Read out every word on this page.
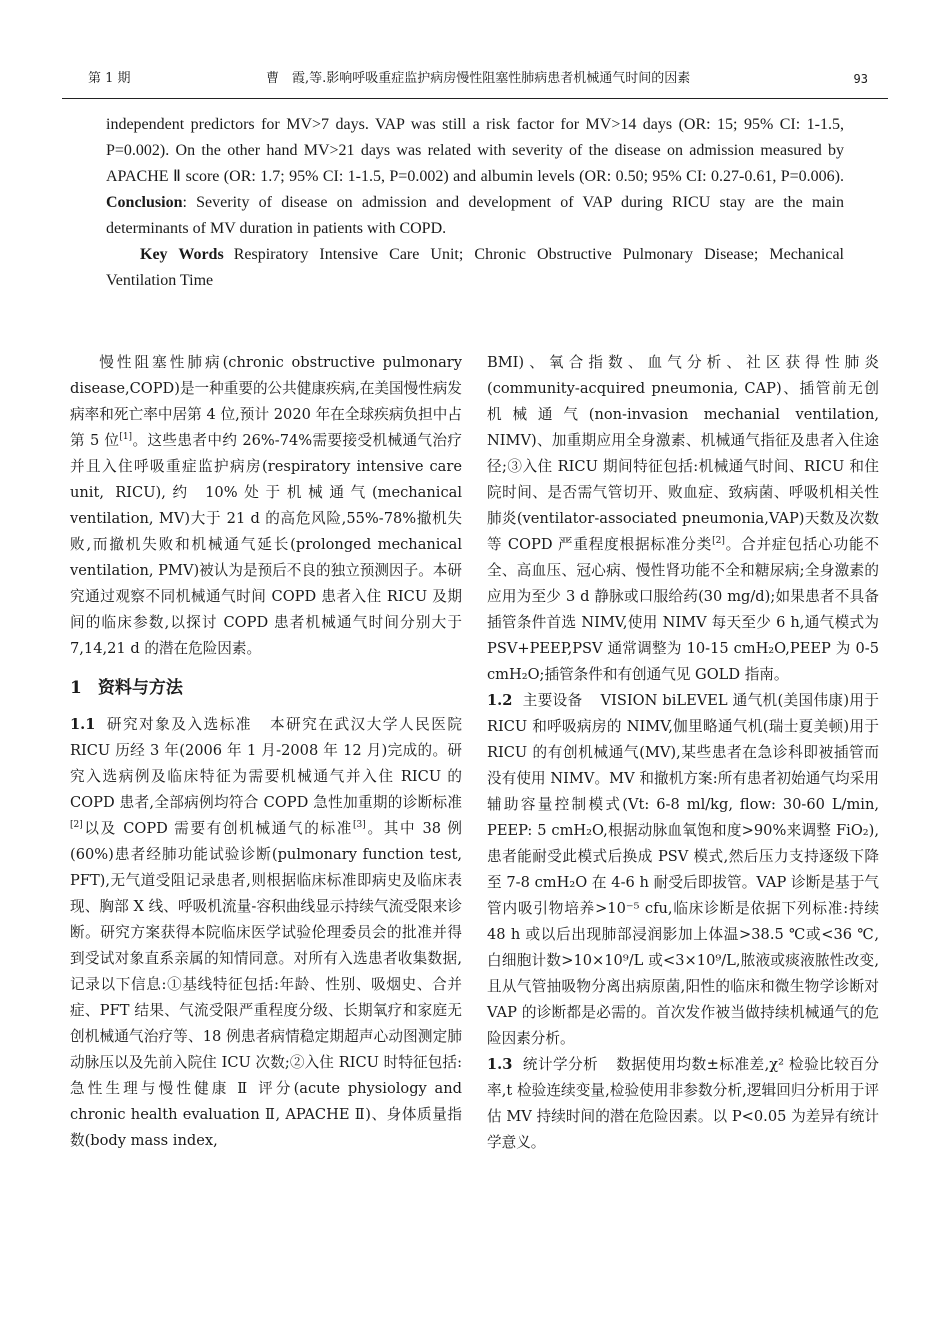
第 1 期	曹　霞,等.影响呼吸重症监护病房慢性阻塞性肺病患者机械通气时间的因素	93

independent predictors for MV>7 days. VAP was still a risk factor for MV>14 days (OR: 15; 95% CI: 1-1.5, P=0.002). On the other hand MV>21 days was related with severity of the disease on admission measured by APACHE Ⅱ score (OR: 1.7; 95% CI: 1-1.5, P=0.002) and albumin levels (OR: 0.50; 95% CI: 0.27-0.61, P=0.006). Conclusion: Severity of disease on admission and development of VAP during RICU stay are the main determinants of MV duration in patients with COPD.

Key Words Respiratory Intensive Care Unit; Chronic Obstructive Pulmonary Disease; Mechanical Ventilation Time

慢性阻塞性肺病(chronic obstructive pulmonary disease,COPD)是一种重要的公共健康疾病,在美国慢性病发病率和死亡率中居第 4 位,预计 2020 年在全球疾病负担中占第 5 位[1]。这些患者中约 26%-74%需要接受机械通气治疗并且入住呼吸重症监护病房(respiratory intensive care unit, RICU),约 10%处于机械通气(mechanical ventilation, MV)大于 21 d 的高危风险,55%-78%撤机失败,而撤机失败和机械通气延长(prolonged mechanical ventilation, PMV)被认为是预后不良的独立预测因子。本研究通过观察不同机械通气时间 COPD 患者入住 RICU 及期间的临床参数,以探讨 COPD 患者机械通气时间分别大于 7,14,21 d 的潜在危险因素。

1 资料与方法

1.1 研究对象及入选标准 本研究在武汉大学人民医院 RICU 历经 3 年(2006 年 1 月-2008 年 12 月)完成的。研究入选病例及临床特征为需要机械通气并入住 RICU 的 COPD 患者,全部病例均符合 COPD 急性加重期的诊断标准[2]以及 COPD 需要有创机械通气的标准[3]。其中 38 例(60%)患者经肺功能试验诊断(pulmonary function test, PFT),无气道受阻记录患者,则根据临床标准即病史及临床表现、胸部 X 线、呼吸机流量-容积曲线显示持续气流受限来诊断。研究方案获得本院临床医学试验伦理委员会的批准并得到受试对象直系亲属的知情同意。对所有入选患者收集数据,记录以下信息:①基线特征包括:年龄、性别、吸烟史、合并症、PFT 结果、气流受限严重程度分级、长期氧疗和家庭无创机械通气治疗等、18 例患者病情稳定期超声心动图测定肺动脉压以及先前入院住 ICU 次数;②入住 RICU 时特征包括:急性生理与慢性健康 Ⅱ 评分(acute physiology and chronic health evaluation Ⅱ, APACHE Ⅱ)、身体质量指数(body mass index,

BMI)、氧合指数、血气分析、社区获得性肺炎(community-acquired pneumonia, CAP)、插管前无创机械通气(non-invasion mechanial ventilation, NIMV)、加重期应用全身激素、机械通气指征及患者入住途径;③入住 RICU 期间特征包括:机械通气时间、RICU 和住院时间、是否需气管切开、败血症、致病菌、呼吸机相关性肺炎(ventilator-associated pneumonia,VAP)天数及次数等 COPD 严重程度根据标准分类[2]。合并症包括心功能不全、高血压、冠心病、慢性肾功能不全和糖尿病;全身激素的应用为至少 3 d 静脉或口服给药(30 mg/d);如果患者不具备插管条件首选 NIMV,使用 NIMV 每天至少 6 h,通气模式为 PSV+PEEP,PSV 通常调整为 10-15 cmH₂O,PEEP 为 0-5 cmH₂O;插管条件和有创通气见 GOLD 指南。

1.2 主要设备 VISION biLEVEL 通气机(美国伟康)用于 RICU 和呼吸病房的 NIMV,伽里略通气机(瑞士夏美顿)用于 RICU 的有创机械通气(MV),某些患者在急诊科即被插管而没有使用 NIMV。MV 和撤机方案:所有患者初始通气均采用辅助容量控制模式(Vt: 6-8 ml/kg, flow: 30-60 L/min, PEEP: 5 cmH₂O,根据动脉血氧饱和度>90%来调整 FiO₂),患者能耐受此模式后换成 PSV 模式,然后压力支持逐级下降至 7-8 cmH₂O 在 4-6 h 耐受后即拔管。VAP 诊断是基于气管内吸引物培养>10⁻⁵ cfu,临床诊断是依据下列标准:持续 48 h 或以后出现肺部浸润影加上体温>38.5 ℃或<36 ℃,白细胞计数>10×10⁹/L 或<3×10⁹/L,脓液或痰液脓性改变,且从气管抽吸物分离出病原菌,阳性的临床和微生物学诊断对 VAP 的诊断都是必需的。首次发作被当做持续机械通气的危险因素分析。

1.3 统计学分析 数据使用均数±标准差,χ² 检验比较百分率,t 检验连续变量,检验使用非参数分析,逻辑回归分析用于评估 MV 持续时间的潜在危险因素。以 P<0.05 为差异有统计学意义。
